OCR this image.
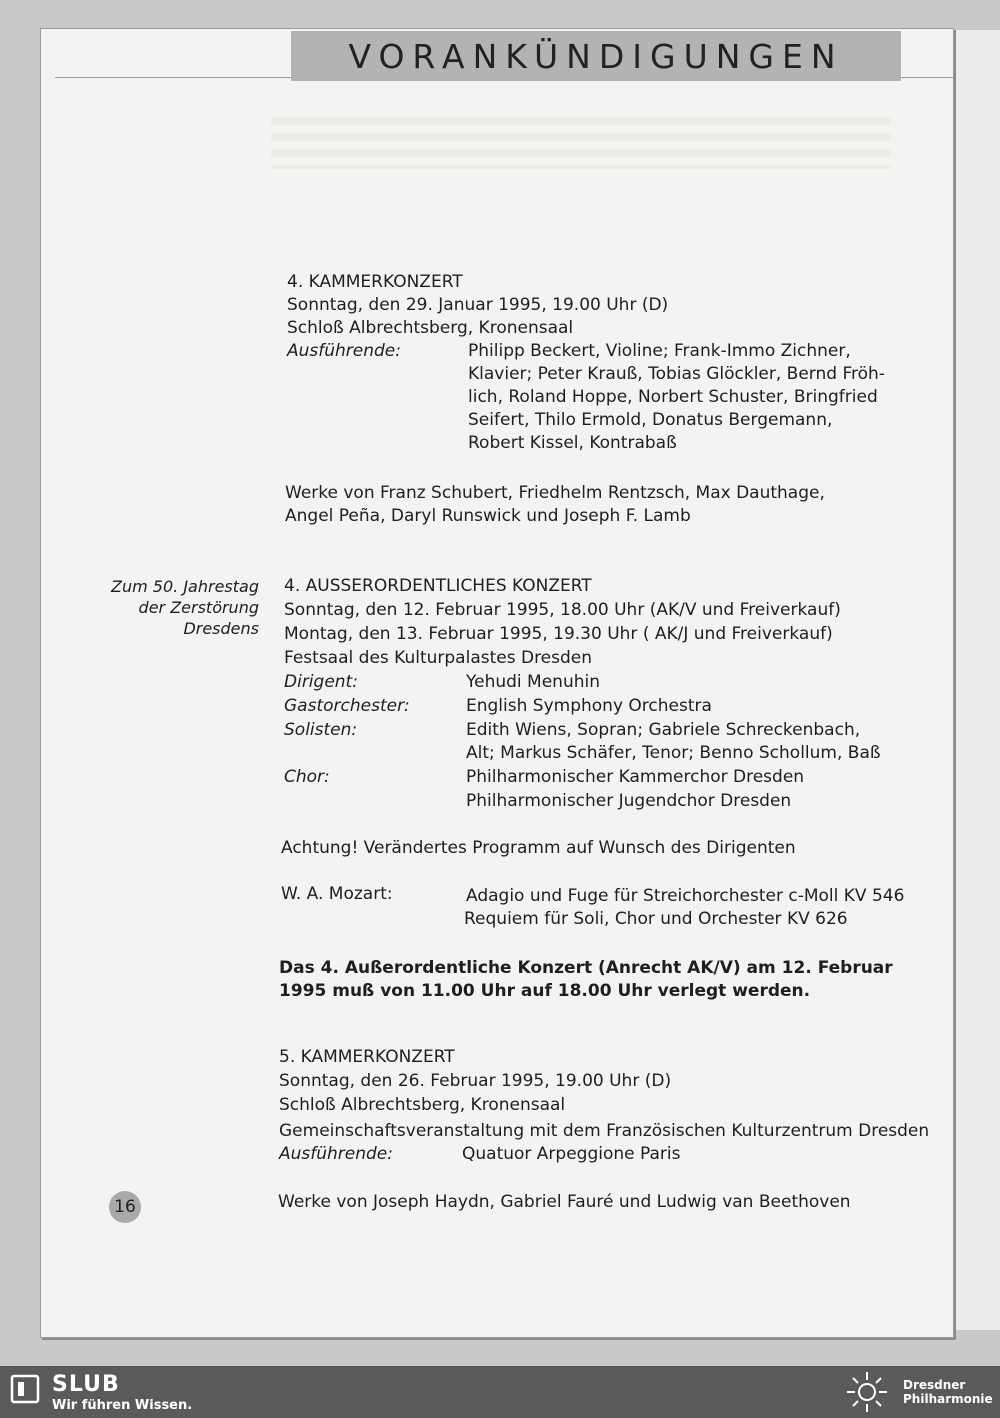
VORANKÜNDIGUNGEN
4. KAMMERKONZERT
Sonntag, den 29. Januar 1995, 19.00 Uhr (D)
Schloß Albrechtsberg, Kronensaal
Ausführende:	Philipp Beckert, Violine; Frank-Immo Zichner,
Klavier; Peter Krauß, Tobias Glöckler, Bernd Fröh-
lich, Roland Hoppe, Norbert Schuster, Bringfried
Seifert, Thilo Ermold, Donatus Bergemann,
Robert Kissel, Kontrabaß
Werke von Franz Schubert, Friedhelm Rentzsch, Max Dauthage,
Angel Peña, Daryl Runswick und Joseph F. Lamb
Zum 50. Jahrestag
der Zerstörung
Dresdens
4. AUSSERORDENTLICHES KONZERT
Sonntag, den 12. Februar 1995, 18.00 Uhr (AK/V und Freiverkauf)
Montag, den 13. Februar 1995, 19.30 Uhr ( AK/J und Freiverkauf)
Festsaal des Kulturpalastes Dresden
Dirigent:	Yehudi Menuhin
Gastorchester:	English Symphony Orchestra
Solisten:	Edith Wiens, Sopran; Gabriele Schreckenbach,
Alt; Markus Schäfer, Tenor; Benno Schollum, Baß
Chor:	Philharmonischer Kammerchor Dresden
Philharmonischer Jugendchor Dresden
Achtung! Verändertes Programm auf Wunsch des Dirigenten
W. A. Mozart:	Adagio und Fuge für Streichorchester c-Moll KV 546
Requiem für Soli, Chor und Orchester KV 626
Das 4. Außerordentliche Konzert (Anrecht AK/V) am 12. Februar
1995 muß von 11.00 Uhr auf 18.00 Uhr verlegt werden.
5. KAMMERKONZERT
Sonntag, den 26. Februar 1995, 19.00 Uhr (D)
Schloß Albrechtsberg, Kronensaal
Gemeinschaftsveranstaltung mit dem Französischen Kulturzentrum Dresden
Ausführende:	Quatuor Arpeggione Paris
Werke von Joseph Haydn, Gabriel Fauré und Ludwig van Beethoven
16
SLUB
Wir führen Wissen.
Dresdner
Philharmonie
